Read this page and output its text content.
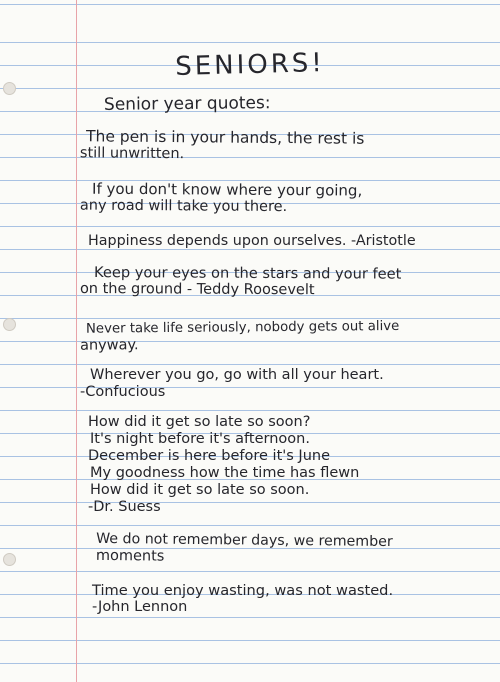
SENIORS!
Senior year quotes:
The pen is in your hands, the rest is
still unwritten.
If you don't know where your going,
any road will take you there.
Happiness depends upon ourselves. -Aristotle
Keep your eyes on the stars and your feet
on the ground - Teddy Roosevelt
Never take life seriously, nobody gets out alive
anyway.
Wherever you go, go with all your heart.
-Confucious
How did it get so late so soon?
It's night before it's afternoon.
December is here before it's June
My goodness how the time has flewn
How did it get so late so soon.
-Dr. Suess
We do not remember days, we remember
moments
Time you enjoy wasting, was not wasted.
-John Lennon
